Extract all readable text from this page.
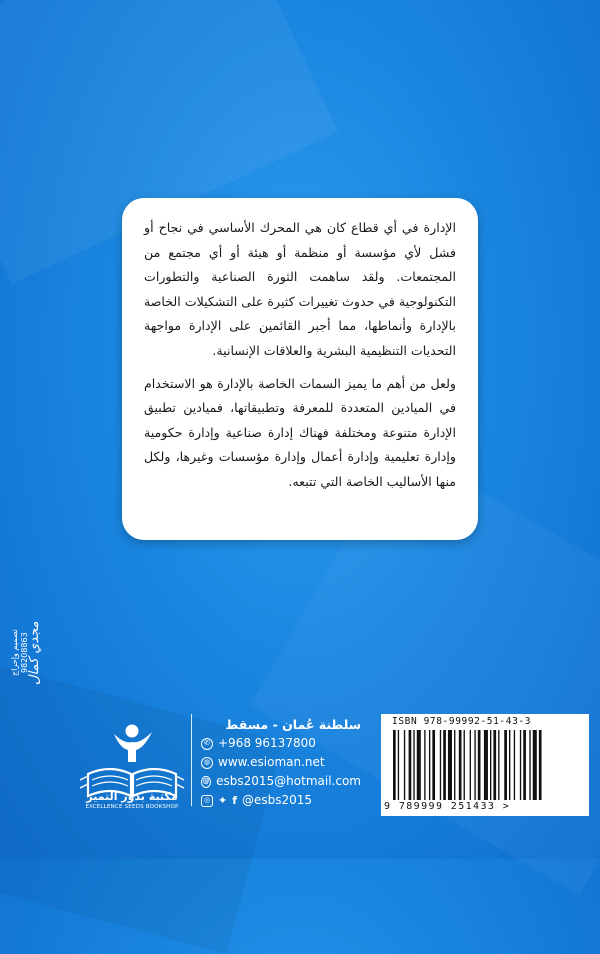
الإدارة في أي قطاع كان هي المحرك الأساسي في نجاح أو فشل لأي مؤسسة أو منظمة أو هيئة أو أي مجتمع من المجتمعات. ولقد ساهمت الثورة الصناعية والتطورات التكنولوجية في حدوث تغييرات كثيرة على التشكيلات الخاصة بالإدارة وأنماطها، مما أجبر القائمين على الإدارة مواجهة التحديات التنظيمية البشرية والعلاقات الإنسانية.

ولعل من أهم ما يميز السمات الخاصة بالإدارة هو الاستخدام في الميادين المتعددة للمعرفة وتطبيقاتها، فميادين تطبيق الإدارة متنوعة ومختلفة فهناك إدارة صناعية وإدارة حكومية وإدارة تعليمية وإدارة أعمال وإدارة مؤسسات وغيرها، ولكل منها الأساليب الخاصة التي تتبعه.

تصميم وإخراج
98208863
مجدي كمال
مكتبة بذور التميز
EXCELLENCE SEEDS BOOKSHOP
سلطنة عُمان - مسقط
✆ +968 96137800
◍ www.esioman.net
@ esbs2015@hotmail.com
◎ ✦ f @esbs2015
ISBN 978-99992-51-43-3
9 789999 251433 >
